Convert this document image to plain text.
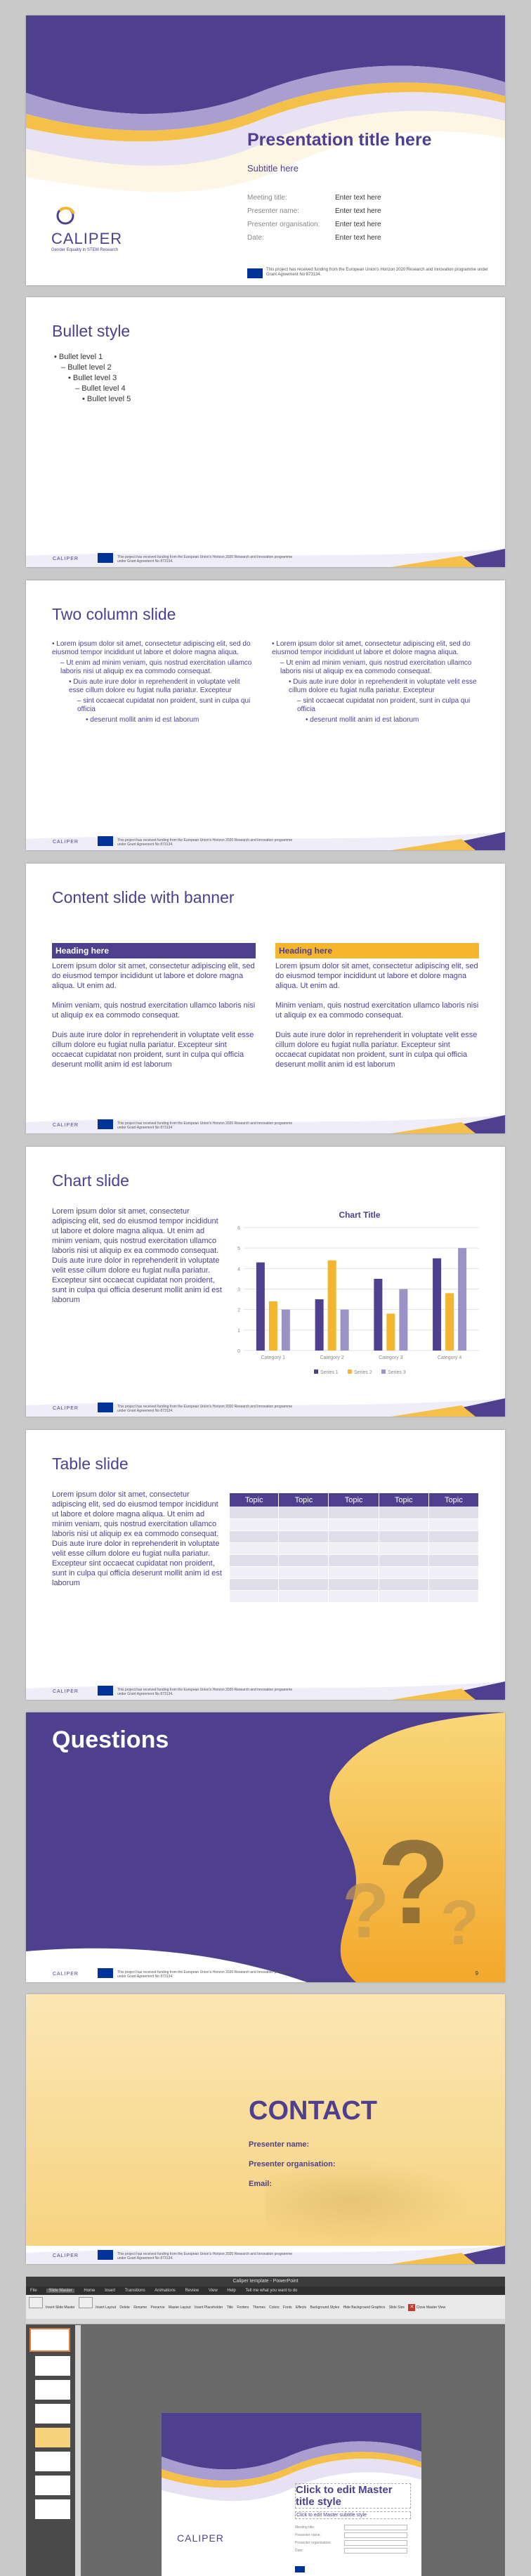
CALIPER
Gender Equality in STEM Research
Presentation title here
Subtitle here
Meeting title:	Enter text here
Presenter name:	Enter text here
Presenter organisation: Enter text here
Date:	Enter text here
This project has received funding from the European Union's Horizon 2020 Research and Innovation programme under Grant Agreement No 873134.
Bullet style
• Bullet level 1
– Bullet level 2
• Bullet level 3
– Bullet level 4
• Bullet level 5
CALIPER	This project has received funding from the European Union's Horizon 2020 Research and Innovation programme under Grant Agreement No 873134.
Two column slide
• Lorem ipsum dolor sit amet, consectetur adipiscing elit, sed do eiusmod tempor incididunt ut labore et dolore magna aliqua.
– Ut enim ad minim veniam, quis nostrud exercitation ullamco laboris nisi ut aliquip ex ea commodo consequat.
• Duis aute irure dolor in reprehenderit in voluptate velit esse cillum dolore eu fugiat nulla pariatur. Excepteur
– sint occaecat cupidatat non proident, sunt in culpa qui officia
• deserunt mollit anim id est laborum
• Lorem ipsum dolor sit amet, consectetur adipiscing elit, sed do eiusmod tempor incididunt ut labore et dolore magna aliqua.
– Ut enim ad minim veniam, quis nostrud exercitation ullamco laboris nisi ut aliquip ex ea commodo consequat.
• Duis aute irure dolor in reprehenderit in voluptate velit esse cillum dolore eu fugiat nulla pariatur. Excepteur
– sint occaecat cupidatat non proident, sunt in culpa qui officia
• deserunt mollit anim id est laborum
CALIPER	This project has received funding from the European Union's Horizon 2020 Research and Innovation programme under Grant Agreement No 873134.
Content slide with banner
Heading here
Lorem ipsum dolor sit amet, consectetur adipiscing elit, sed do eiusmod tempor incididunt ut labore et dolore magna aliqua. Ut enim ad.
Minim veniam, quis nostrud exercitation ullamco laboris nisi ut aliquip ex ea commodo consequat.
Duis aute irure dolor in reprehenderit in voluptate velit esse cillum dolore eu fugiat nulla pariatur. Excepteur sint occaecat cupidatat non proident, sunt in culpa qui officia deserunt mollit anim id est laborum
Heading here
Lorem ipsum dolor sit amet, consectetur adipiscing elit, sed do eiusmod tempor incididunt ut labore et dolore magna aliqua. Ut enim ad.
Minim veniam, quis nostrud exercitation ullamco laboris nisi ut aliquip ex ea commodo consequat.
Duis aute irure dolor in reprehenderit in voluptate velit esse cillum dolore eu fugiat nulla pariatur. Excepteur sint occaecat cupidatat non proident, sunt in culpa qui officia deserunt mollit anim id est laborum
CALIPER	This project has received funding from the European Union's Horizon 2020 Research and Innovation programme under Grant Agreement No 873134.
Chart slide
Lorem ipsum dolor sit amet, consectetur adipiscing elit, sed do eiusmod tempor incididunt ut labore et dolore magna aliqua. Ut enim ad minim veniam, quis nostrud exercitation ullamco laboris nisi ut aliquip ex ea commodo consequat. Duis aute irure dolor in reprehenderit in voluptate velit esse cillum dolore eu fugiat nulla pariatur. Excepteur sint occaecat cupidatat non proident, sunt in culpa qui officia deserunt mollit anim id est laborum
Chart Title
0
1
2
3
4
5
6
Category 1	Category 2	Category 3	Category 4
Series 1	Series 2	Series 3
CALIPER	This project has received funding from the European Union's Horizon 2020 Research and Innovation programme under Grant Agreement No 873134.
Table slide
Lorem ipsum dolor sit amet, consectetur adipiscing elit, sed do eiusmod tempor incididunt ut labore et dolore magna aliqua. Ut enim ad minim veniam, quis nostrud exercitation ullamco laboris nisi ut aliquip ex ea commodo consequat. Duis aute irure dolor in reprehenderit in voluptate velit esse cillum dolore eu fugiat nulla pariatur. Excepteur sint occaecat cupidatat non proident, sunt in culpa qui officia deserunt mollit anim id est laborum
Topic	Topic	Topic	Topic	Topic

CALIPER	This project has received funding from the European Union's Horizon 2020 Research and Innovation programme under Grant Agreement No 873134.
?
? ?
Questions
9
CALIPER	This project has received funding from the European Union's Horizon 2020 Research and Innovation programme under Grant Agreement No 873134.
CONTACT
Presenter name:
Presenter organisation:
Email:
CALIPER	This project has received funding from the European Union's Horizon 2020 Research and Innovation programme under Grant Agreement No 873134.
Caliper template - PowerPoint
File	Slide Master	Home Insert Transitions Animations Review View Help Tell me what you want to do
Insert Slide Master	Insert Layout Delete Rename Preserve Master Layout Insert Placeholder Title Footers Themes Colors Fonts Effects Background Styles Hide Background Graphics Slide Size ✕ Close Master View
CALIPER
Click to edit Master title style
Click to edit Master subtitle style
Meeting title:
Presenter name:
Presenter organisation:
Date:
